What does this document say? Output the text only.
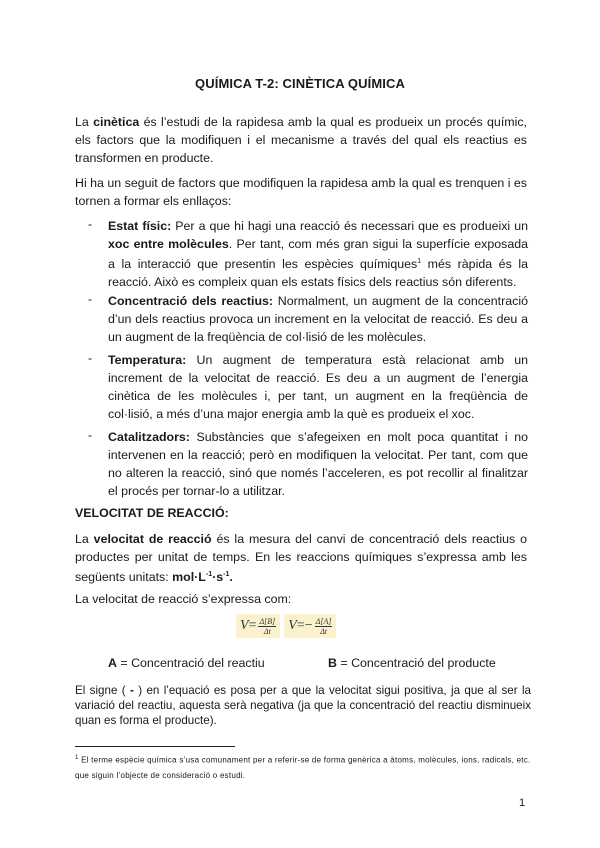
QUÍMICA T-2: CINÈTICA QUÍMICA

La cinètica és l’estudi de la rapidesa amb la qual es produeix un procés químic, els factors que la modifiquen i el mecanisme a través del qual els reactius es transformen en producte.

Hi ha un seguit de factors que modifiquen la rapidesa amb la qual es trenquen i es tornen a formar els enllaços:

-	Estat físic: Per a que hi hagi una reacció és necessari que es produeixi un xoc entre molècules. Per tant, com més gran sigui la superfície exposada a la interacció que presentin les espècies químiques$^1$ més ràpida és la reacció. Això es compleix quan els estats físics dels reactius són diferents.
-	Concentració dels reactius: Normalment, un augment de la concentració d’un dels reactius provoca un increment en la velocitat de reacció. Es deu a un augment de la freqüència de col·lisió de les molècules.
-	Temperatura: Un augment de temperatura està relacionat amb un increment de la velocitat de reacció. Es deu a un augment de l’energia cinètica de les molècules i, per tant, un augment en la freqüència de col·lisió, a més d’una major energia amb la què es produeix el xoc.
-	Catalitzadors: Substàncies que s’afegeixen en molt poca quantitat i no intervenen en la reacció; però en modifiquen la velocitat. Per tant, com que no alteren la reacció, sinó que només l’acceleren, es pot recollir al finalitzar el procés per tornar-lo a utilitzar.
VELOCITAT DE REACCIÓ:

La velocitat de reacció és la mesura del canvi de concentració dels reactius o productes per unitat de temps. En les reaccions químiques s’expressa amb les següents unitats: $mol\cdot L^{-1}\cdot s^{-1}$.

La velocitat de reacció s’expressa com:

$V = \frac{\Delta[B]}{\Delta t}$ $V =- \frac{\Delta[A]}{\Delta t}$
A = Concentració del reactiu	B = Concentració del producte

El signe ( - ) en l’equació es posa per a que la velocitat sigui positiva, ja que al ser la variació del reactiu, aquesta serà negativa (ja que la concentració del reactiu disminueix quan es forma el producte).

$^1$ El terme espècie química s’usa comunament per a referir-se de forma genèrica a àtoms, molècules, ions, radicals, etc. que siguin l’objecte de consideració o estudi.

1
